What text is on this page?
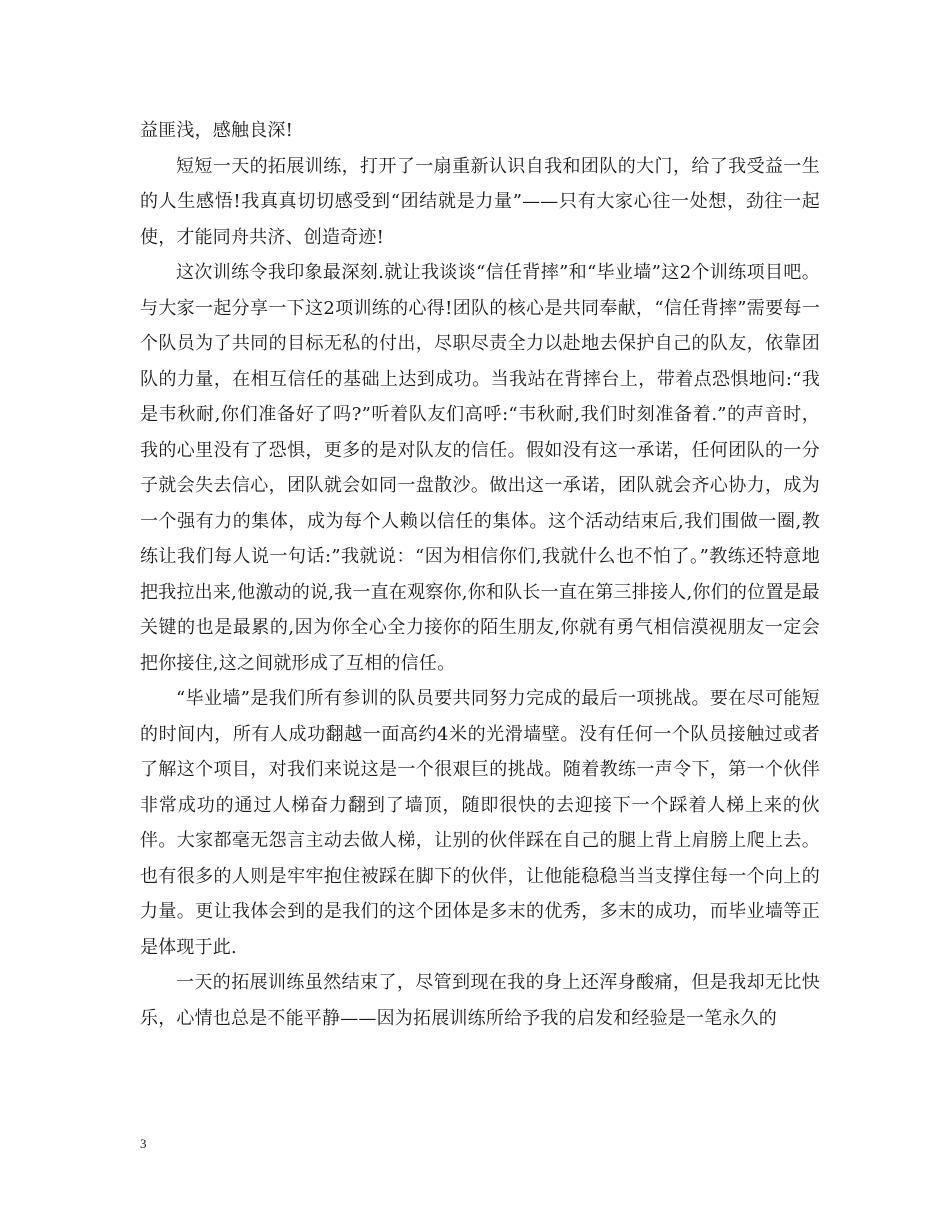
益匪浅，感触良深!

短短一天的拓展训练，打开了一扇重新认识自我和团队的大门，给了我受益一生的人生感悟!我真真切切感受到“团结就是力量”——只有大家心往一处想，劲往一起使，才能同舟共济、创造奇迹!

这次训练令我印象最深刻.就让我谈谈“信任背摔”和“毕业墙”这2个训练项目吧。与大家一起分享一下这2项训练的心得!团队的核心是共同奉献，“信任背摔”需要每一个队员为了共同的目标无私的付出，尽职尽责全力以赴地去保护自己的队友，依靠团队的力量，在相互信任的基础上达到成功。当我站在背摔台上，带着点恐惧地问:“我是韦秋耐,你们准备好了吗?”听着队友们高呼:“韦秋耐,我们时刻准备着.”的声音时，我的心里没有了恐惧，更多的是对队友的信任。假如没有这一承诺，任何团队的一分子就会失去信心，团队就会如同一盘散沙。做出这一承诺，团队就会齐心协力，成为一个强有力的集体，成为每个人赖以信任的集体。这个活动结束后,我们围做一圈,教练让我们每人说一句话:”我就说：“因为相信你们,我就什么也不怕了。”教练还特意地把我拉出来,他激动的说,我一直在观察你,你和队长一直在第三排接人,你们的位置是最关键的也是最累的,因为你全心全力接你的陌生朋友,你就有勇气相信漠视朋友一定会把你接住,这之间就形成了互相的信任。

“毕业墙”是我们所有参训的队员要共同努力完成的最后一项挑战。要在尽可能短的时间内，所有人成功翻越一面高约4米的光滑墙壁。没有任何一个队员接触过或者了解这个项目，对我们来说这是一个很艰巨的挑战。随着教练一声令下，第一个伙伴非常成功的通过人梯奋力翻到了墙顶，随即很快的去迎接下一个踩着人梯上来的伙伴。大家都毫无怨言主动去做人梯，让别的伙伴踩在自己的腿上背上肩膀上爬上去。也有很多的人则是牢牢抱住被踩在脚下的伙伴，让他能稳稳当当支撑住每一个向上的力量。更让我体会到的是我们的这个团体是多末的优秀，多末的成功，而毕业墙等正是体现于此.

一天的拓展训练虽然结束了，尽管到现在我的身上还浑身酸痛，但是我却无比快乐，心情也总是不能平静——因为拓展训练所给予我的启发和经验是一笔永久的

3
